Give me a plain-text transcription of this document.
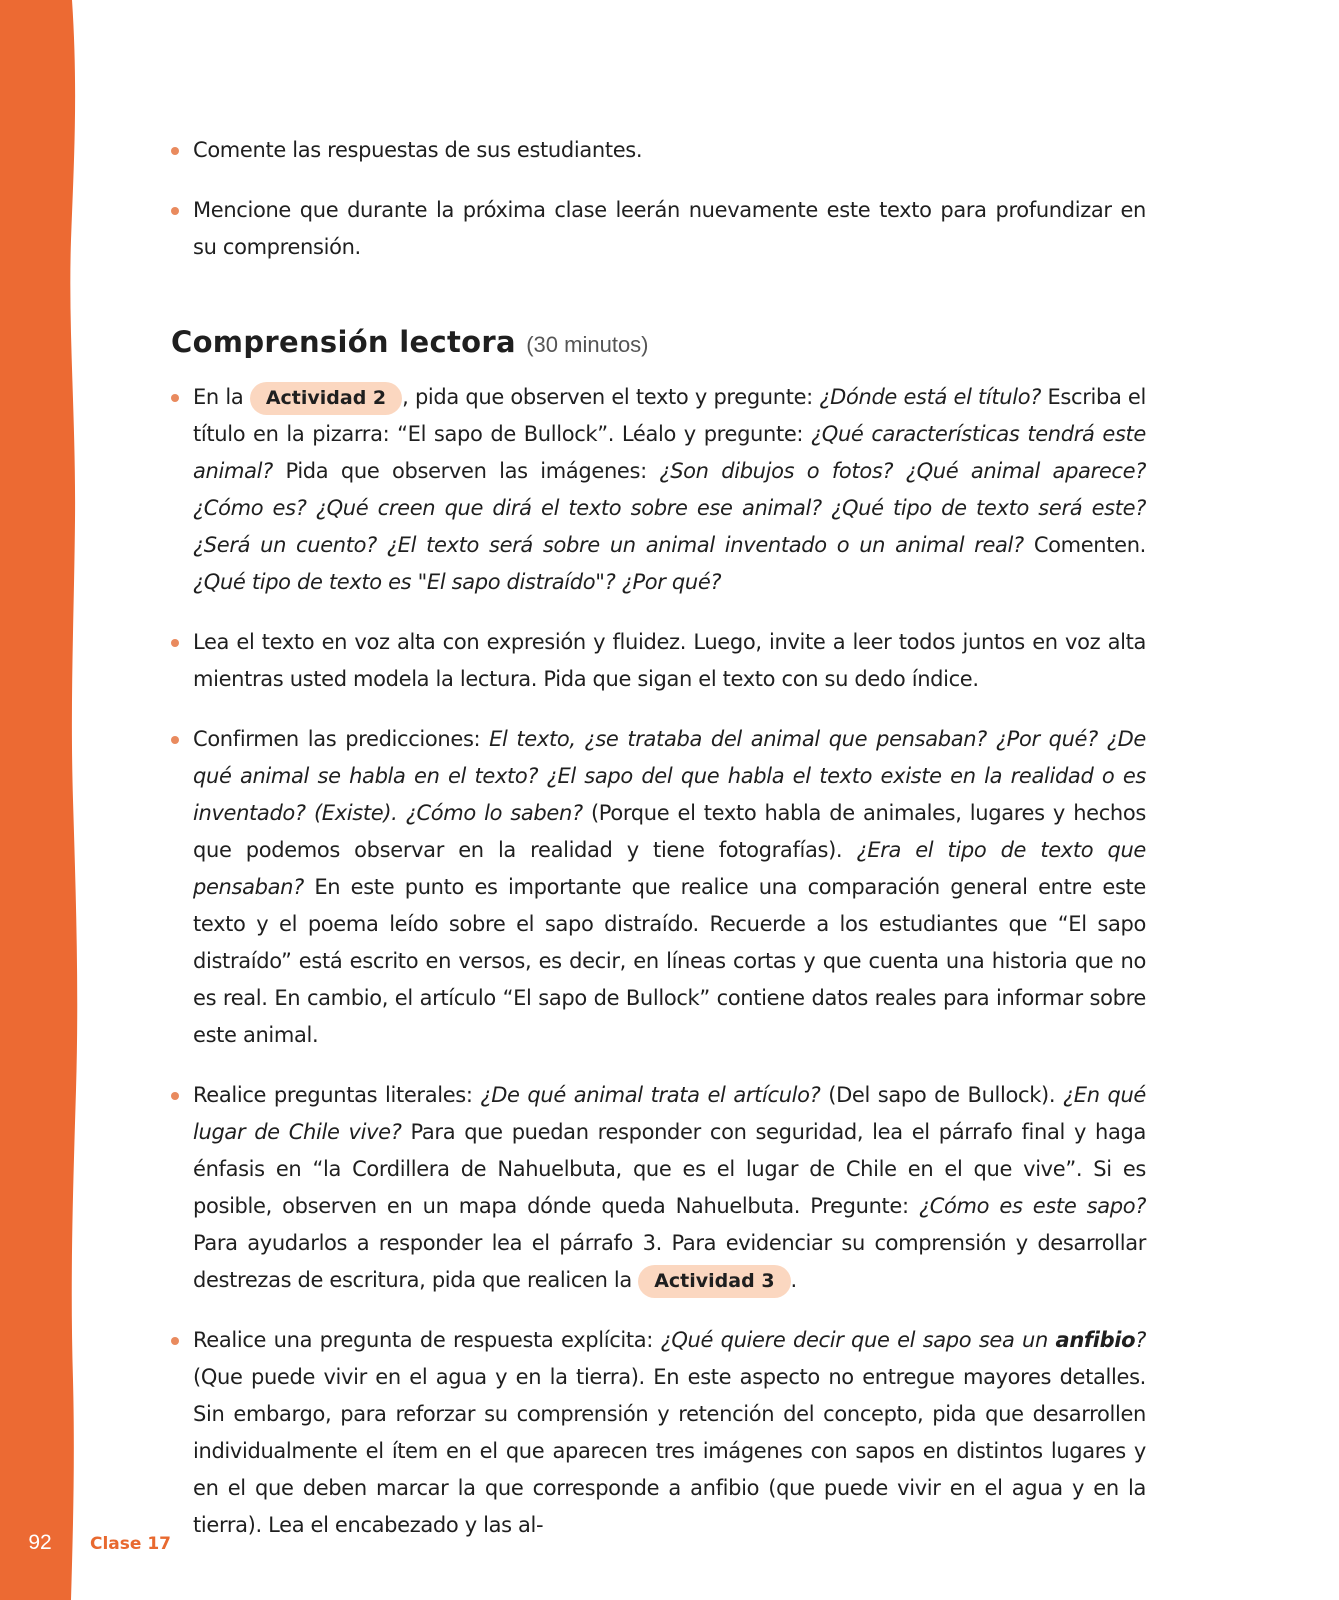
92	Clase 17

Comente las respuestas de sus estudiantes.

Mencione que durante la próxima clase leerán nuevamente este texto para profundizar en su comprensión.

Comprensión lectora (30 minutos)

En la Actividad 2 , pida que observen el texto y pregunte: ¿Dónde está el título? Escriba el título en la pizarra: “El sapo de Bullock”. Léalo y pregunte: ¿Qué características tendrá este animal? Pida que observen las imágenes: ¿Son dibujos o fotos? ¿Qué animal aparece? ¿Cómo es? ¿Qué creen que dirá el texto sobre ese animal? ¿Qué tipo de texto será este? ¿Será un cuento? ¿El texto será sobre un animal inventado o un animal real? Comenten. ¿Qué tipo de texto es "El sapo distraído"? ¿Por qué?

Lea el texto en voz alta con expresión y fluidez. Luego, invite a leer todos juntos en voz alta mientras usted modela la lectura. Pida que sigan el texto con su dedo índice.

Confirmen las predicciones: El texto, ¿se trataba del animal que pensaban? ¿Por qué? ¿De qué animal se habla en el texto? ¿El sapo del que habla el texto existe en la realidad o es inventado? (Existe). ¿Cómo lo saben? (Porque el texto habla de animales, lugares y hechos que podemos observar en la realidad y tiene fotografías). ¿Era el tipo de texto que pensaban? En este punto es importante que realice una comparación general entre este texto y el poema leído sobre el sapo distraído. Recuerde a los estudiantes que “El sapo distraído” está escrito en versos, es decir, en líneas cortas y que cuenta una historia que no es real. En cambio, el artículo “El sapo de Bullock” contiene datos reales para informar sobre este animal.

Realice preguntas literales: ¿De qué animal trata el artículo? (Del sapo de Bullock). ¿En qué lugar de Chile vive? Para que puedan responder con seguridad, lea el párrafo final y haga énfasis en “la Cordillera de Nahuelbuta, que es el lugar de Chile en el que vive”. Si es posible, observen en un mapa dónde queda Nahuelbuta. Pregunte: ¿Cómo es este sapo? Para ayudarlos a responder lea el párrafo 3. Para evidenciar su comprensión y desarrollar destrezas de escritura, pida que realicen la Actividad 3 .

Realice una pregunta de respuesta explícita: ¿Qué quiere decir que el sapo sea un anfibio? (Que puede vivir en el agua y en la tierra). En este aspecto no entregue mayores detalles. Sin embargo, para reforzar su comprensión y retención del concepto, pida que desarrollen individualmente el ítem en el que aparecen tres imágenes con sapos en distintos lugares y en el que deben marcar la que corresponde a anfibio (que puede vivir en el agua y en la tierra). Lea el encabezado y las al-
